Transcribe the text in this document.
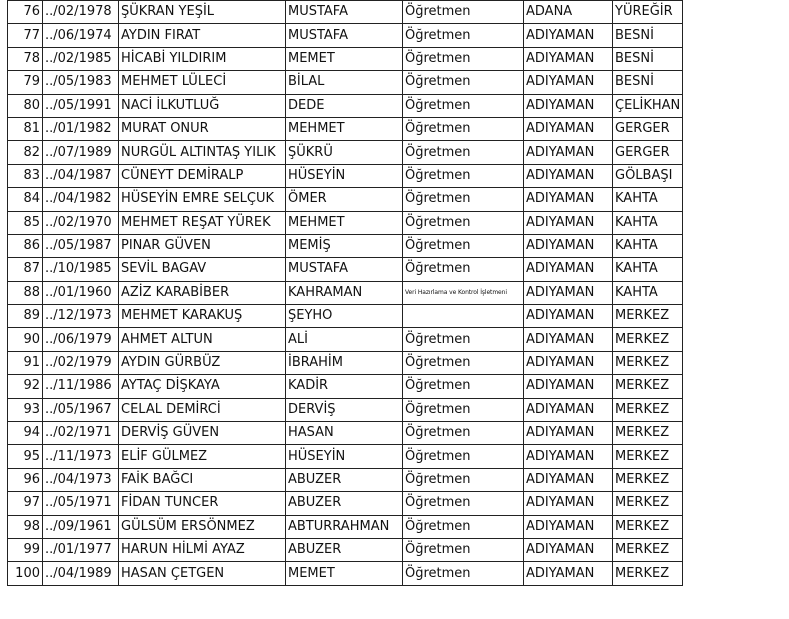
76	../02/1978	ŞÜKRAN YEŞİL	MUSTAFA	Öğretmen	ADANA	YÜREĞİR
77	../06/1974	AYDIN FIRAT	MUSTAFA	Öğretmen	ADIYAMAN	BESNİ
78	../02/1985	HİCABİ YILDIRIM	MEMET	Öğretmen	ADIYAMAN	BESNİ
79	../05/1983	MEHMET LÜLECİ	BİLAL	Öğretmen	ADIYAMAN	BESNİ
80	../05/1991	NACİ İLKUTLUĞ	DEDE	Öğretmen	ADIYAMAN	ÇELİKHAN
81	../01/1982	MURAT ONUR	MEHMET	Öğretmen	ADIYAMAN	GERGER
82	../07/1989	NURGÜL ALTINTAŞ YILIK	ŞÜKRÜ	Öğretmen	ADIYAMAN	GERGER
83	../04/1987	CÜNEYT DEMİRALP	HÜSEYİN	Öğretmen	ADIYAMAN	GÖLBAŞI
84	../04/1982	HÜSEYİN EMRE SELÇUK	ÖMER	Öğretmen	ADIYAMAN	KAHTA
85	../02/1970	MEHMET REŞAT YÜREK	MEHMET	Öğretmen	ADIYAMAN	KAHTA
86	../05/1987	PINAR GÜVEN	MEMİŞ	Öğretmen	ADIYAMAN	KAHTA
87	../10/1985	SEVİL BAGAV	MUSTAFA	Öğretmen	ADIYAMAN	KAHTA
88	../01/1960	AZİZ KARABİBER	KAHRAMAN	Veri Hazırlama ve Kontrol İşletmeni	ADIYAMAN	KAHTA
89	../12/1973	MEHMET KARAKUŞ	ŞEYHO		ADIYAMAN	MERKEZ
90	../06/1979	AHMET ALTUN	ALİ	Öğretmen	ADIYAMAN	MERKEZ
91	../02/1979	AYDIN GÜRBÜZ	İBRAHİM	Öğretmen	ADIYAMAN	MERKEZ
92	../11/1986	AYTAÇ DİŞKAYA	KADİR	Öğretmen	ADIYAMAN	MERKEZ
93	../05/1967	CELAL DEMİRCİ	DERVİŞ	Öğretmen	ADIYAMAN	MERKEZ
94	../02/1971	DERVİŞ GÜVEN	HASAN	Öğretmen	ADIYAMAN	MERKEZ
95	../11/1973	ELİF GÜLMEZ	HÜSEYİN	Öğretmen	ADIYAMAN	MERKEZ
96	../04/1973	FAİK BAĞCI	ABUZER	Öğretmen	ADIYAMAN	MERKEZ
97	../05/1971	FİDAN TUNCER	ABUZER	Öğretmen	ADIYAMAN	MERKEZ
98	../09/1961	GÜLSÜM ERSÖNMEZ	ABTURRAHMAN	Öğretmen	ADIYAMAN	MERKEZ
99	../01/1977	HARUN HİLMİ AYAZ	ABUZER	Öğretmen	ADIYAMAN	MERKEZ
100	../04/1989	HASAN ÇETGEN	MEMET	Öğretmen	ADIYAMAN	MERKEZ
